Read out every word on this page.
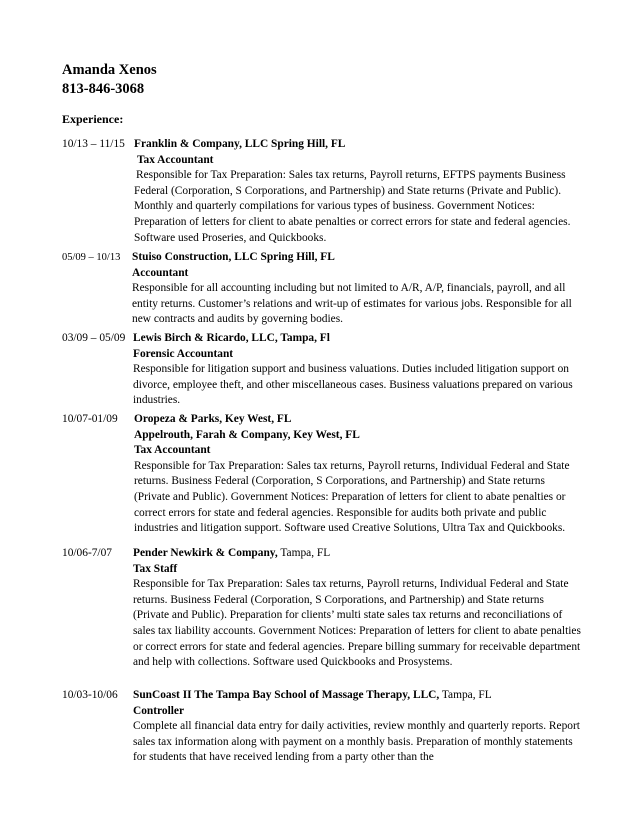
Amanda Xenos
813-846-3068
Experience:
10/13 – 11/15 Franklin & Company, LLC Spring Hill, FL
Tax Accountant
Responsible for Tax Preparation: Sales tax returns, Payroll returns, EFTPS payments Business Federal (Corporation, S Corporations, and Partnership) and State returns (Private and Public). Monthly and quarterly compilations for various types of business. Government Notices: Preparation of letters for client to abate penalties or correct errors for state and federal agencies. Software used Proseries, and Quickbooks.
05/09 – 10/13 Stuiso Construction, LLC Spring Hill, FL
Accountant
Responsible for all accounting including but not limited to A/R, A/P, financials, payroll, and all entity returns. Customer’s relations and writ-up of estimates for various jobs. Responsible for all new contracts and audits by governing bodies.
03/09 – 05/09 Lewis Birch & Ricardo, LLC, Tampa, Fl
Forensic Accountant
Responsible for litigation support and business valuations. Duties included litigation support on divorce, employee theft, and other miscellaneous cases. Business valuations prepared on various industries.
10/07-01/09 Oropeza & Parks, Key West, FL
Appelrouth, Farah & Company, Key West, FL
Tax Accountant
Responsible for Tax Preparation: Sales tax returns, Payroll returns, Individual Federal and State returns. Business Federal (Corporation, S Corporations, and Partnership) and State returns (Private and Public). Government Notices: Preparation of letters for client to abate penalties or correct errors for state and federal agencies. Responsible for audits both private and public industries and litigation support. Software used Creative Solutions, Ultra Tax and Quickbooks.
10/06-7/07 Pender Newkirk & Company, Tampa, FL
Tax Staff
Responsible for Tax Preparation: Sales tax returns, Payroll returns, Individual Federal and State returns. Business Federal (Corporation, S Corporations, and Partnership) and State returns (Private and Public). Preparation for clients’ multi state sales tax returns and reconciliations of sales tax liability accounts. Government Notices: Preparation of letters for client to abate penalties or correct errors for state and federal agencies. Prepare billing summary for receivable department and help with collections. Software used Quickbooks and Prosystems.
10/03-10/06 SunCoast II The Tampa Bay School of Massage Therapy, LLC, Tampa, FL
Controller
Complete all financial data entry for daily activities, review monthly and quarterly reports. Report sales tax information along with payment on a monthly basis. Preparation of monthly statements for students that have received lending from a party other than the
